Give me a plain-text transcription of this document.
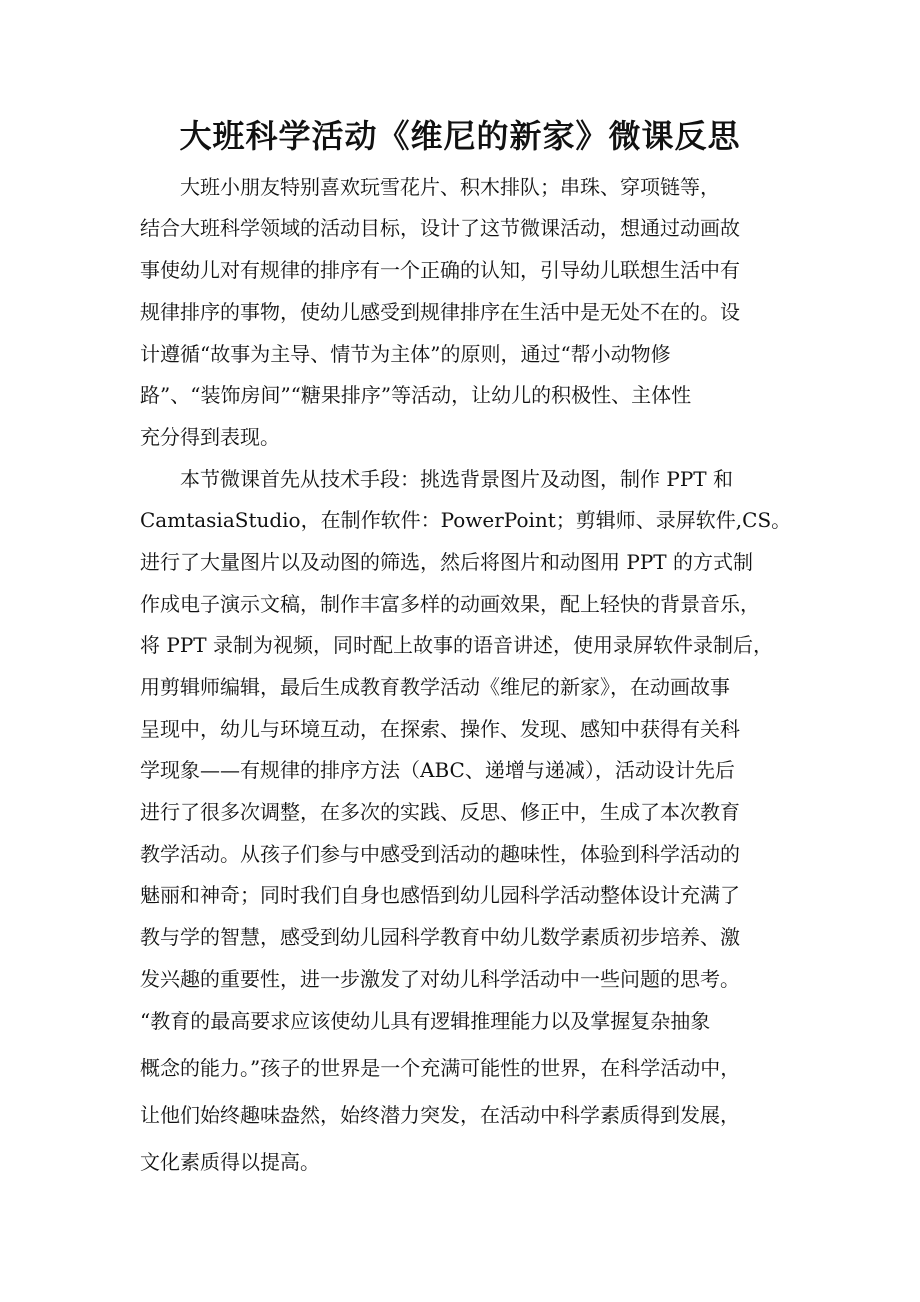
大班科学活动《维尼的新家》微课反思

　　大班小朋友特别喜欢玩雪花片、积木排队；串珠、穿项链等，

结合大班科学领域的活动目标，设计了这节微课活动，想通过动画故

事使幼儿对有规律的排序有一个正确的认知，引导幼儿联想生活中有

规律排序的事物，使幼儿感受到规律排序在生活中是无处不在的。设

计遵循“故事为主导、情节为主体”的原则，通过“帮小动物修

路”、“装饰房间”“糖果排序”等活动，让幼儿的积极性、主体性

充分得到表现。

　　本节微课首先从技术手段：挑选背景图片及动图，制作 PPT 和

CamtasiaStudio，在制作软件：PowerPoint；剪辑师、录屏软件,CS。

进行了大量图片以及动图的筛选，然后将图片和动图用 PPT 的方式制

作成电子演示文稿，制作丰富多样的动画效果，配上轻快的背景音乐，

将 PPT 录制为视频，同时配上故事的语音讲述，使用录屏软件录制后，

用剪辑师编辑，最后生成教育教学活动《维尼的新家》，在动画故事

呈现中，幼儿与环境互动，在探索、操作、发现、感知中获得有关科

学现象——有规律的排序方法（ABC、递增与递减），活动设计先后

进行了很多次调整，在多次的实践、反思、修正中，生成了本次教育

教学活动。从孩子们参与中感受到活动的趣味性，体验到科学活动的

魅丽和神奇；同时我们自身也感悟到幼儿园科学活动整体设计充满了

教与学的智慧，感受到幼儿园科学教育中幼儿数学素质初步培养、激

发兴趣的重要性，进一步激发了对幼儿科学活动中一些问题的思考。

“教育的最高要求应该使幼儿具有逻辑推理能力以及掌握复杂抽象

概念的能力。”孩子的世界是一个充满可能性的世界，在科学活动中，

让他们始终趣味盎然，始终潜力突发，在活动中科学素质得到发展，

文化素质得以提高。
